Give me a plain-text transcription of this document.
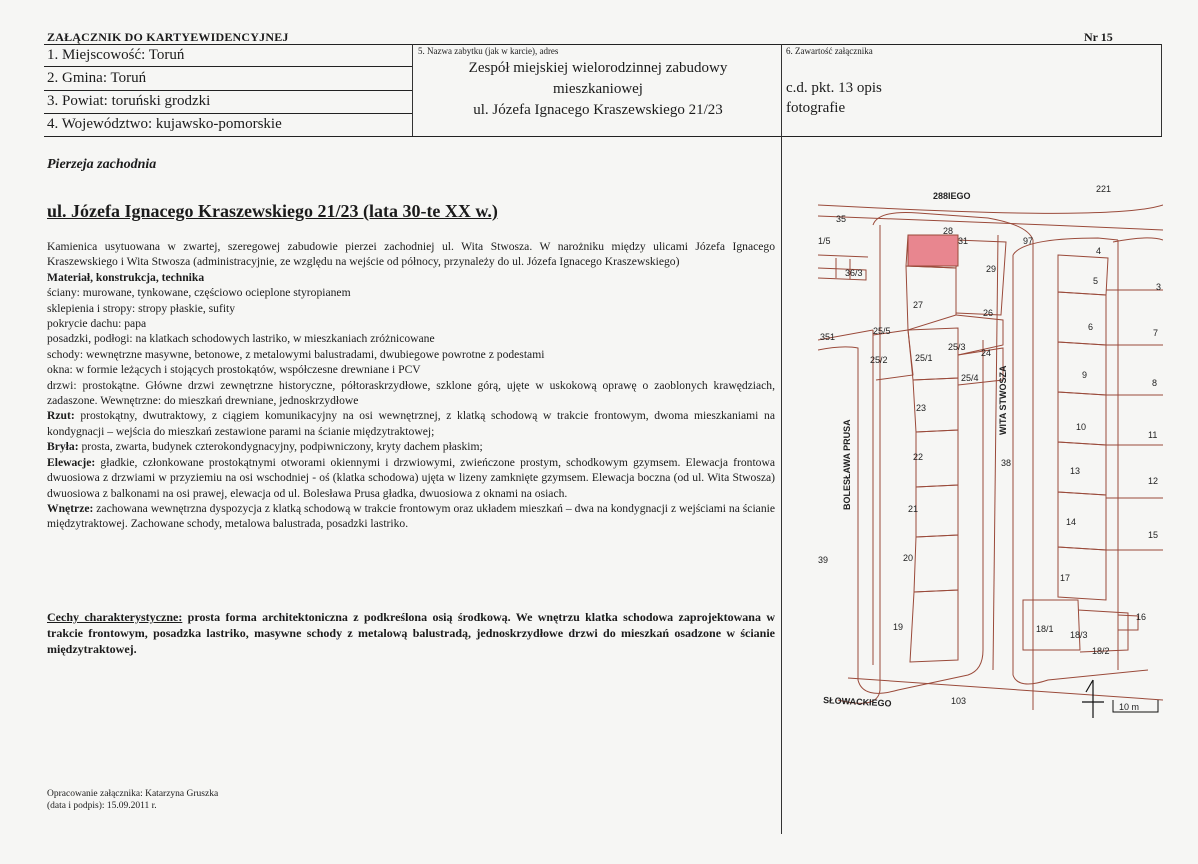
ZAŁĄCZNIK DO KARTYEWIDENCYJNEJ	Nr 15
1. Miejscowość: Toruń
2. Gmina: Toruń
3. Powiat: toruński grodzki
4. Województwo: kujawsko-pomorskie
5. Nazwa zabytku (jak w karcie), adres
Zespół miejskiej wielorodzinnej zabudowy
mieszkaniowej
ul. Józefa Ignacego Kraszewskiego 21/23
6. Zawartość załącznika
c.d. pkt. 13 opis
fotografie
Pierzeja zachodnia
ul. Józefa Ignacego Kraszewskiego 21/23 (lata 30-te XX w.)

Kamienica usytuowana w zwartej, szeregowej zabudowie pierzei zachodniej ul. Wita Stwosza. W narożniku między ulicami Józefa Ignacego Kraszewskiego i Wita Stwosza (administracyjnie, ze względu na wejście od północy, przynależy do ul. Józefa Ignacego Kraszewskiego)

Materiał, konstrukcja, technika

ściany: murowane, tynkowane, częściowo ocieplone styropianem

sklepienia i stropy: stropy płaskie, sufity

pokrycie dachu: papa

posadzki, podłogi: na klatkach schodowych lastriko, w mieszkaniach zróżnicowane

schody: wewnętrzne masywne, betonowe, z metalowymi balustradami, dwubiegowe powrotne z podestami

okna: w formie leżących i stojących prostokątów, współczesne drewniane i PCV

drzwi: prostokątne. Główne drzwi zewnętrzne historyczne, półtoraskrzydłowe, szklone górą, ujęte w uskokową oprawę o zaoblonych krawędziach, zadaszone. Wewnętrzne: do mieszkań drewniane, jednoskrzydłowe

Rzut: prostokątny, dwutraktowy, z ciągiem komunikacyjny na osi wewnętrznej, z klatką schodową w trakcie frontowym, dwoma mieszkaniami na kondygnacji – wejścia do mieszkań zestawione parami na ścianie międzytraktowej;

Bryła: prosta, zwarta, budynek czterokondygnacyjny, podpiwniczony, kryty dachem płaskim;

Elewacje: gładkie, członkowane prostokątnymi otworami okiennymi i drzwiowymi, zwieńczone prostym, schodkowym gzymsem. Elewacja frontowa dwuosiowa z drzwiami w przyziemiu na osi wschodniej - oś (klatka schodowa) ujęta w lizeny zamknięte gzymsem. Elewacja boczna (od ul. Wita Stwosza) dwuosiowa z balkonami na osi prawej, elewacja od ul. Bolesława Prusa gładka, dwuosiowa z oknami na osiach.

Wnętrze: zachowana wewnętrzna dyspozycja z klatką schodową w trakcie frontowym oraz układem mieszkań – dwa na kondygnacji z wejściami na ścianie międzytraktowej. Zachowane schody, metalowa balustrada, posadzki lastriko.

Cechy charakterystyczne: prosta forma architektoniczna z podkreślona osią środkową. We wnętrzu klatka schodowa zaprojektowana w trakcie frontowym, posadzka lastriko, masywne schody z metalową balustradą, jednoskrzydłowe drzwi do mieszkań osadzone w ścianie międzytraktowej.
Opracowanie załącznika: Katarzyna Gruszka
(data i podpis): 15.09.2011 r.
288IEGO
221
35
28
31	97
4
1/5
36/3	29
5
3
27
26
6
351
25/5
25/3
7
25/2	25/1	24
25/4	9
8
23
10
11
22
38
13
12
21
14
15
39	20
17
19	18/1
18/3
18/2
16
BOLESŁAWA PRUSA
WITA STWOSZA
SŁOWACKIEGO	103
10 m
